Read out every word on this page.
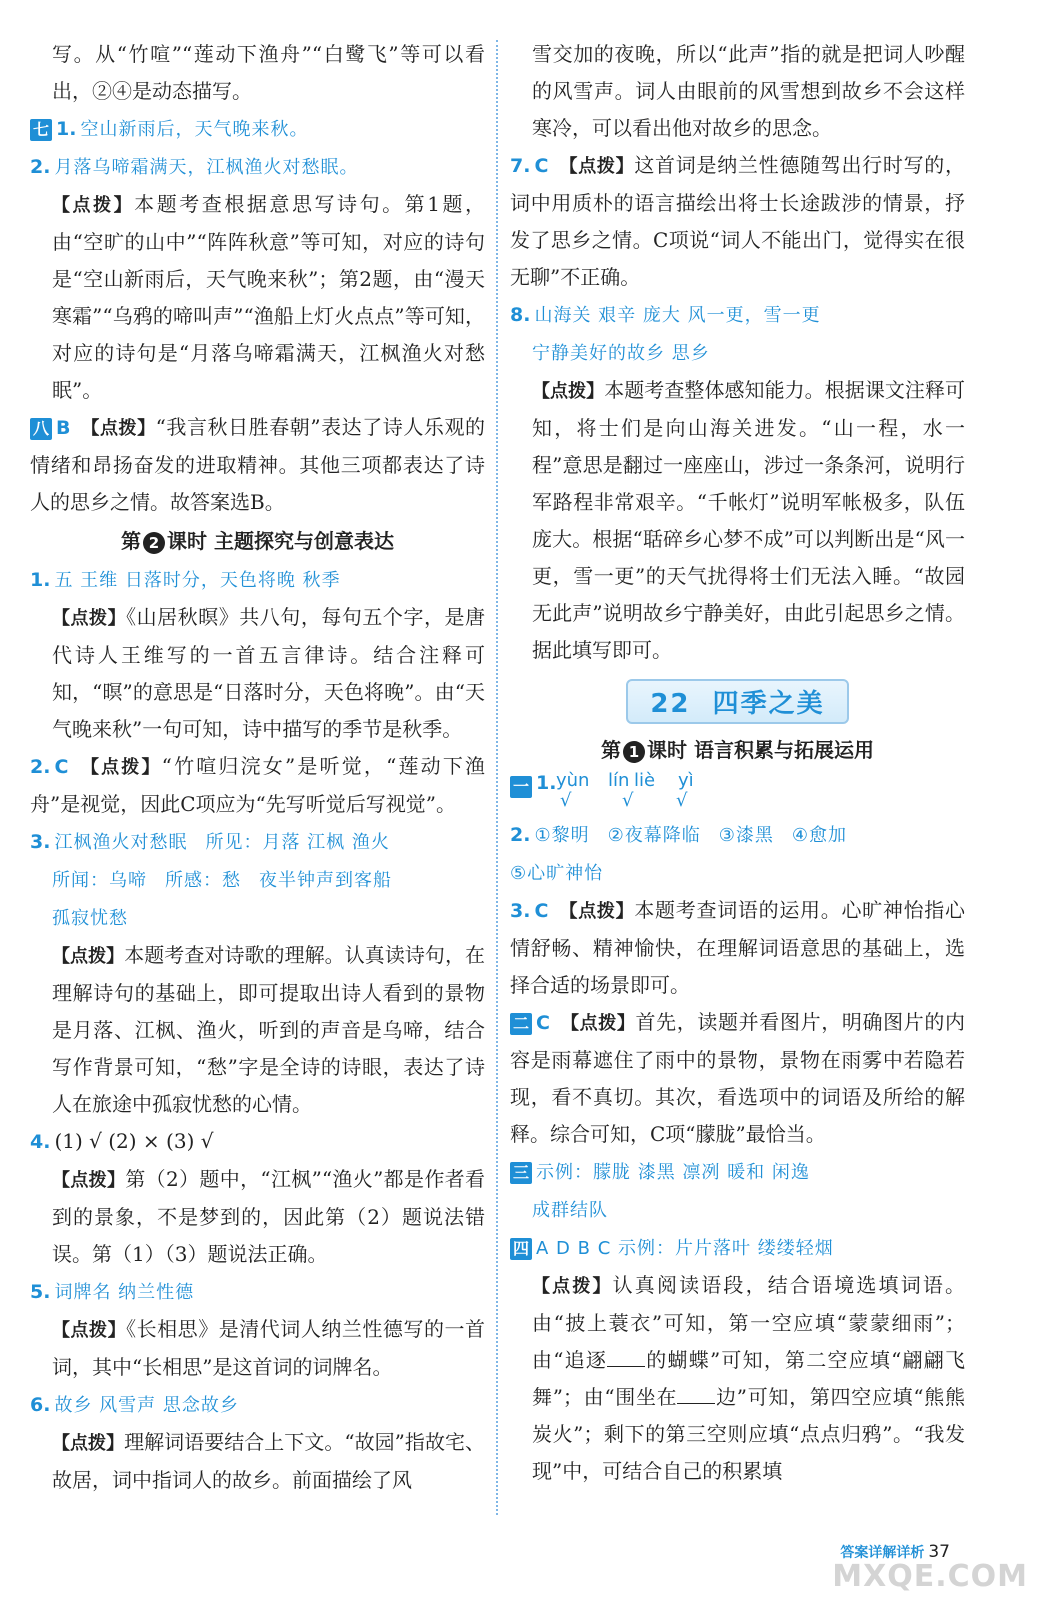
写。从“竹喧”“莲动下渔舟”“白鹭飞”等可以看出，②④是动态描写。

七 1. 空山新雨后，天气晚来秋。

2. 月落乌啼霜满天，江枫渔火对愁眠。

【点拨】本题考查根据意思写诗句。第1题，由“空旷的山中”“阵阵秋意”等可知，对应的诗句是“空山新雨后，天气晚来秋”；第2题，由“漫天寒霜”“乌鸦的啼叫声”“渔船上灯火点点”等可知，对应的诗句是“月落乌啼霜满天，江枫渔火对愁眠”。

八 B 【点拨】“我言秋日胜春朝”表达了诗人乐观的情绪和昂扬奋发的进取精神。其他三项都表达了诗人的思乡之情。故答案选B。

第 2 课时 主题探究与创意表达

1. 五 王维 日落时分，天色将晚 秋季

【点拨】《山居秋暝》共八句，每句五个字，是唐代诗人王维写的一首五言律诗。结合注释可知，“暝”的意思是“日落时分，天色将晚”。由“天气晚来秋”一句可知，诗中描写的季节是秋季。

2. C 【点拨】“竹喧归浣女”是听觉，“莲动下渔舟”是视觉，因此C项应为“先写听觉后写视觉”。

3. 江枫渔火对愁眠 所见：月落 江枫 渔火

所闻：乌啼 所感：愁 夜半钟声到客船

孤寂忧愁

【点拨】本题考查对诗歌的理解。认真读诗句，在理解诗句的基础上，即可提取出诗人看到的景物是月落、江枫、渔火，听到的声音是乌啼，结合写作背景可知，“愁”字是全诗的诗眼，表达了诗人在旅途中孤寂忧愁的心情。

4. (1) √ (2) × (3) √

【点拨】第（2）题中，“江枫”“渔火”都是作者看到的景象，不是梦到的，因此第（2）题说法错误。第（1）（3）题说法正确。

5. 词牌名 纳兰性德

【点拨】《长相思》是清代词人纳兰性德写的一首词，其中“长相思”是这首词的词牌名。

6. 故乡 风雪声 思念故乡

【点拨】理解词语要结合上下文。“故园”指故宅、故居，词中指词人的故乡。前面描绘了风

雪交加的夜晚，所以“此声”指的就是把词人吵醒的风雪声。词人由眼前的风雪想到故乡不会这样寒冷，可以看出他对故乡的思念。

7. C 【点拨】这首词是纳兰性德随驾出行时写的，词中用质朴的语言描绘出将士长途跋涉的情景，抒发了思乡之情。C项说“词人不能出门，觉得实在很无聊”不正确。

8. 山海关 艰辛 庞大 风一更，雪一更

宁静美好的故乡 思乡

【点拨】本题考查整体感知能力。根据课文注释可知，将士们是向山海关进发。“山一程，水一程”意思是翻过一座座山，涉过一条条河，说明行军路程非常艰辛。“千帐灯”说明军帐极多，队伍庞大。根据“聒碎乡心梦不成”可以判断出是“风一更，雪一更”的天气扰得将士们无法入睡。“故园无此声”说明故乡宁静美好，由此引起思乡之情。据此填写即可。

22 四季之美

第 1 课时 语言积累与拓展运用

一 1. yùn lín liè yì
√	√ √

2. ①黎明 ②夜幕降临 ③漆黑 ④愈加

⑤心旷神怡

3. C 【点拨】本题考查词语的运用。心旷神怡指心情舒畅、精神愉快，在理解词语意思的基础上，选择合适的场景即可。

二 C 【点拨】首先，读题并看图片，明确图片的内容是雨幕遮住了雨中的景物，景物在雨雾中若隐若现，看不真切。其次，看选项中的词语及所给的解释。综合可知，C项“朦胧”最恰当。

三 示例：朦胧 漆黑 凛冽 暖和 闲逸

成群结队

四 A D B C 示例：片片落叶 缕缕轻烟

【点拨】认真阅读语段，结合语境选填词语。由“披上蓑衣”可知，第一空应填“蒙蒙细雨”；由“追逐 的蝴蝶”可知，第二空应填“翩翩飞舞”；由“围坐在 边”可知，第四空应填“熊熊炭火”；剩下的第三空则应填“点点归鸦”。“我发现”中，可结合自己的积累填

答案详解详析 37
MXQE.COM
